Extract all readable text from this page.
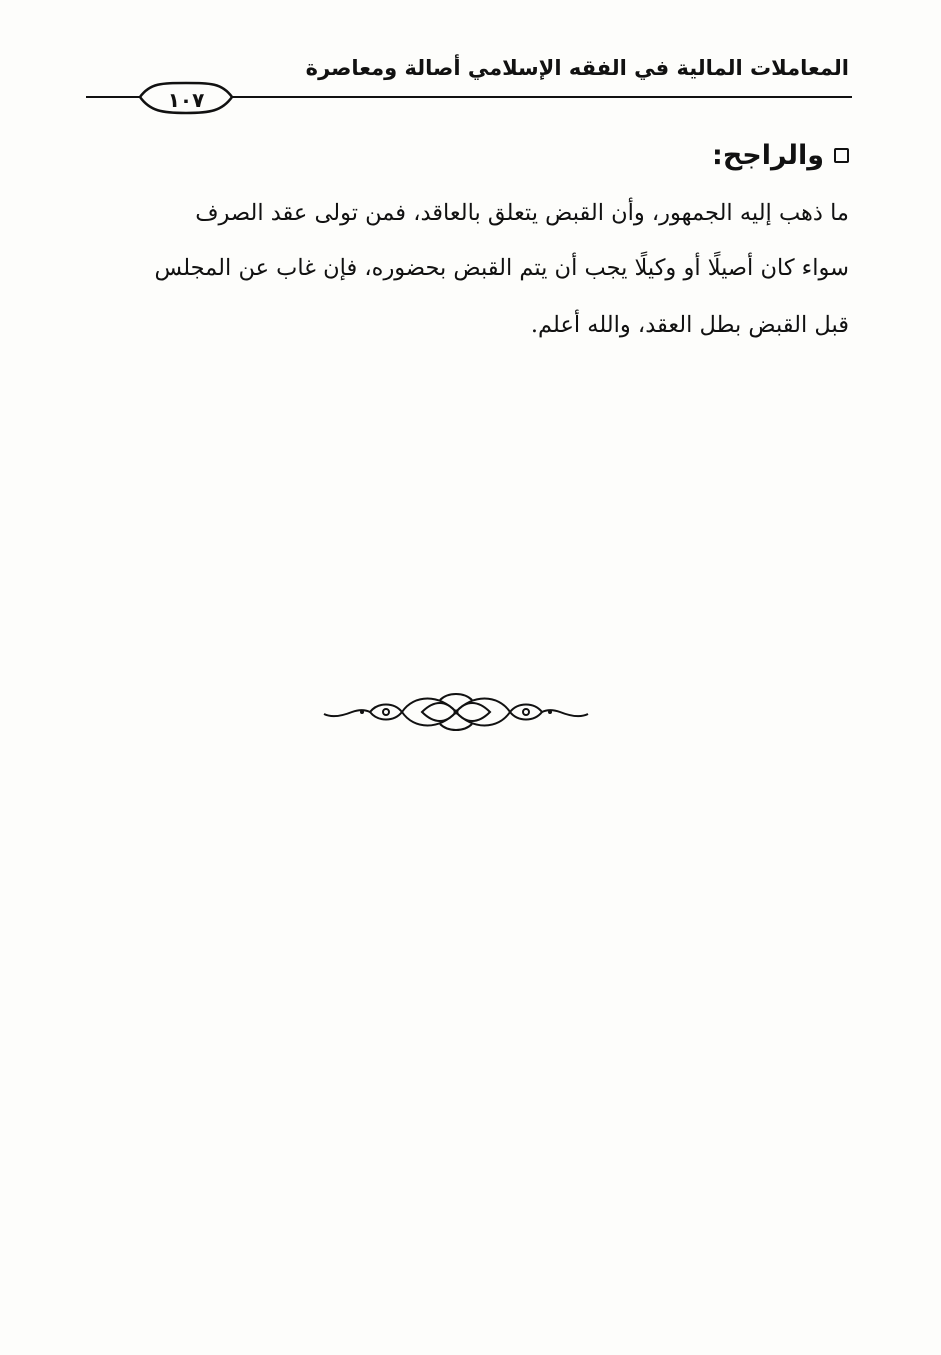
المعاملات المالية في الفقه الإسلامي أصالة ومعاصرة
١٠٧
والراجح:
ما ذهب إليه الجمهور، وأن القبض يتعلق بالعاقد، فمن تولى عقد الصرف
سواء كان أصيلًا أو وكيلًا يجب أن يتم القبض بحضوره، فإن غاب عن المجلس
قبل القبض بطل العقد، والله أعلم.
